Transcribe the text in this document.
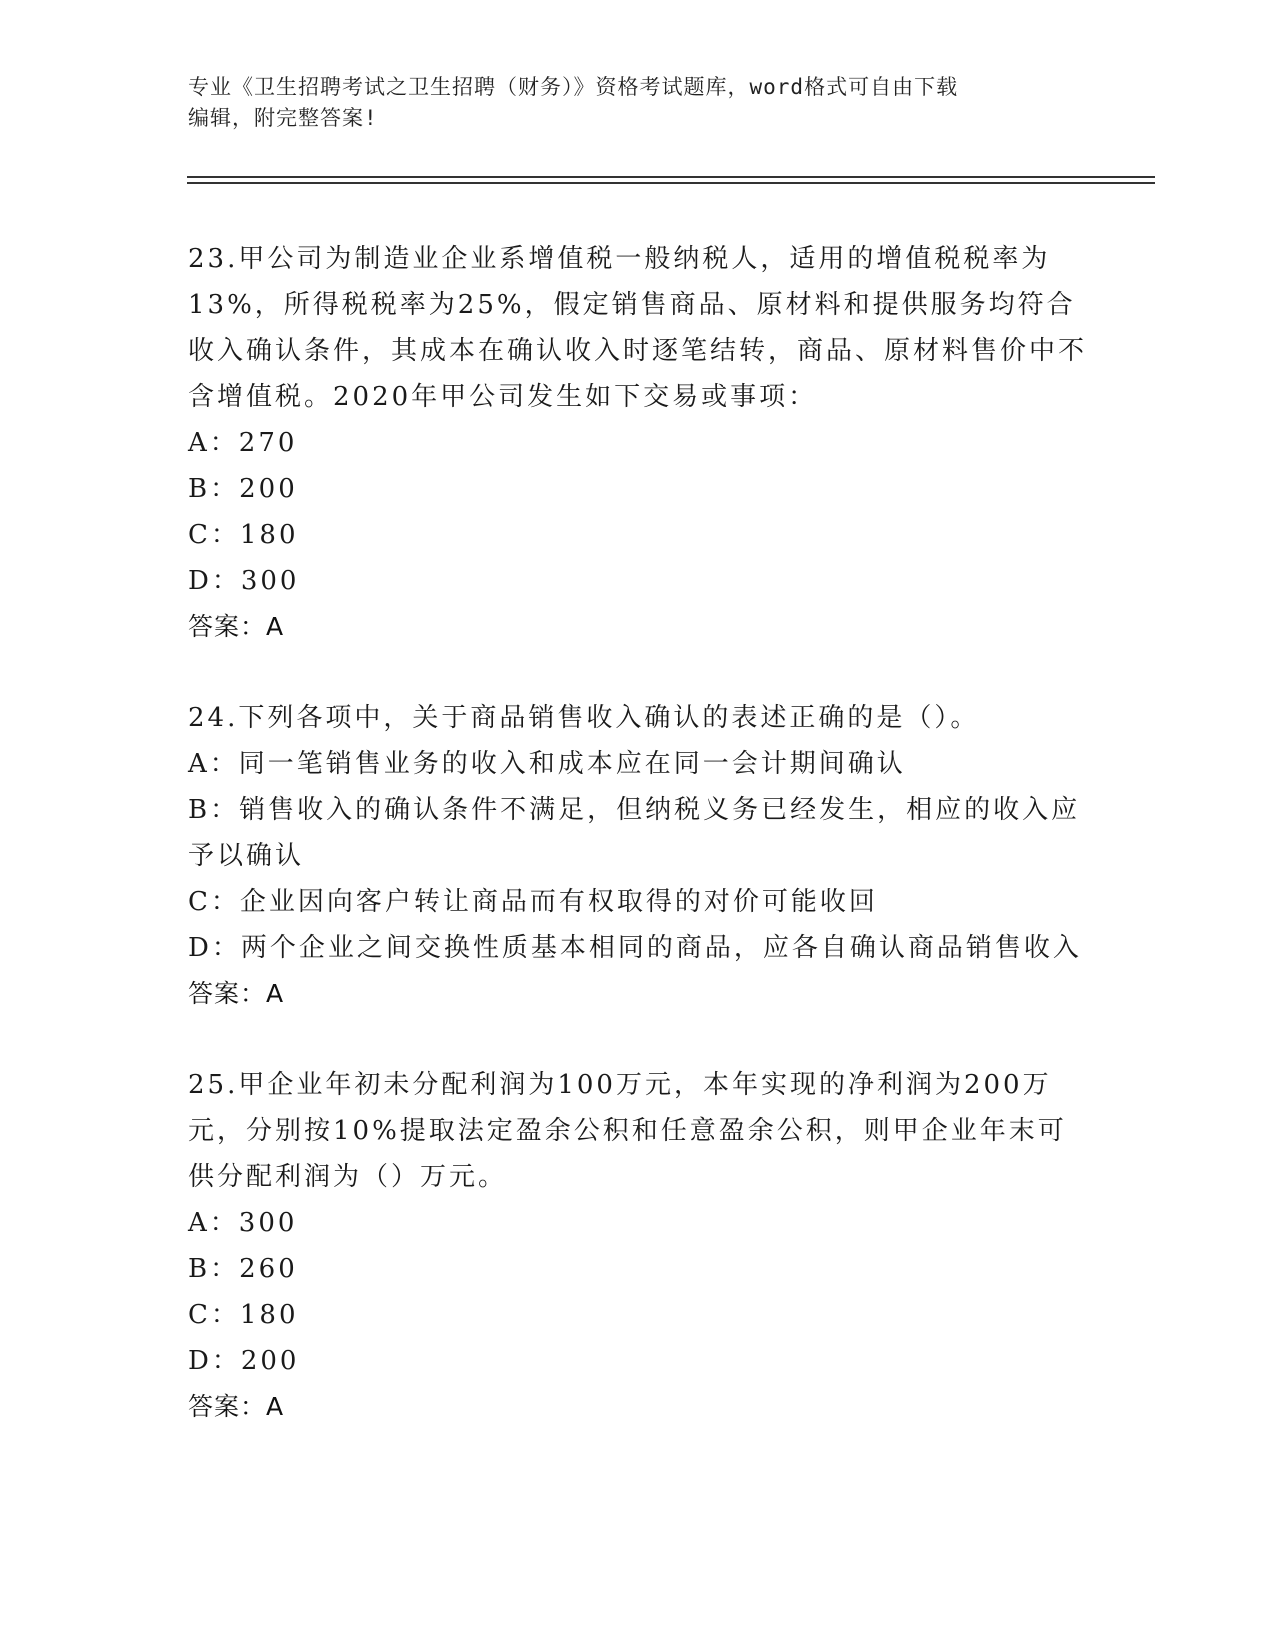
专业《卫生招聘考试之卫生招聘（财务）》资格考试题库，word格式可自由下载
编辑，附完整答案!

23.甲公司为制造业企业系增值税一般纳税人，适用的增值税税率为13%，所得税税率为25%，假定销售商品、原材料和提供服务均符合收入确认条件，其成本在确认收入时逐笔结转，商品、原材料售价中不含增值税。2020年甲公司发生如下交易或事项：

A：270

B：200

C：180

D：300

答案：A

24.下列各项中，关于商品销售收入确认的表述正确的是（）。

A：同一笔销售业务的收入和成本应在同一会计期间确认

B：销售收入的确认条件不满足，但纳税义务已经发生，相应的收入应予以确认

C：企业因向客户转让商品而有权取得的对价可能收回

D：两个企业之间交换性质基本相同的商品，应各自确认商品销售收入

答案：A

25.甲企业年初未分配利润为100万元，本年实现的净利润为200万元，分别按10%提取法定盈余公积和任意盈余公积，则甲企业年末可供分配利润为（）万元。

A：300

B：260

C：180

D：200

答案：A
